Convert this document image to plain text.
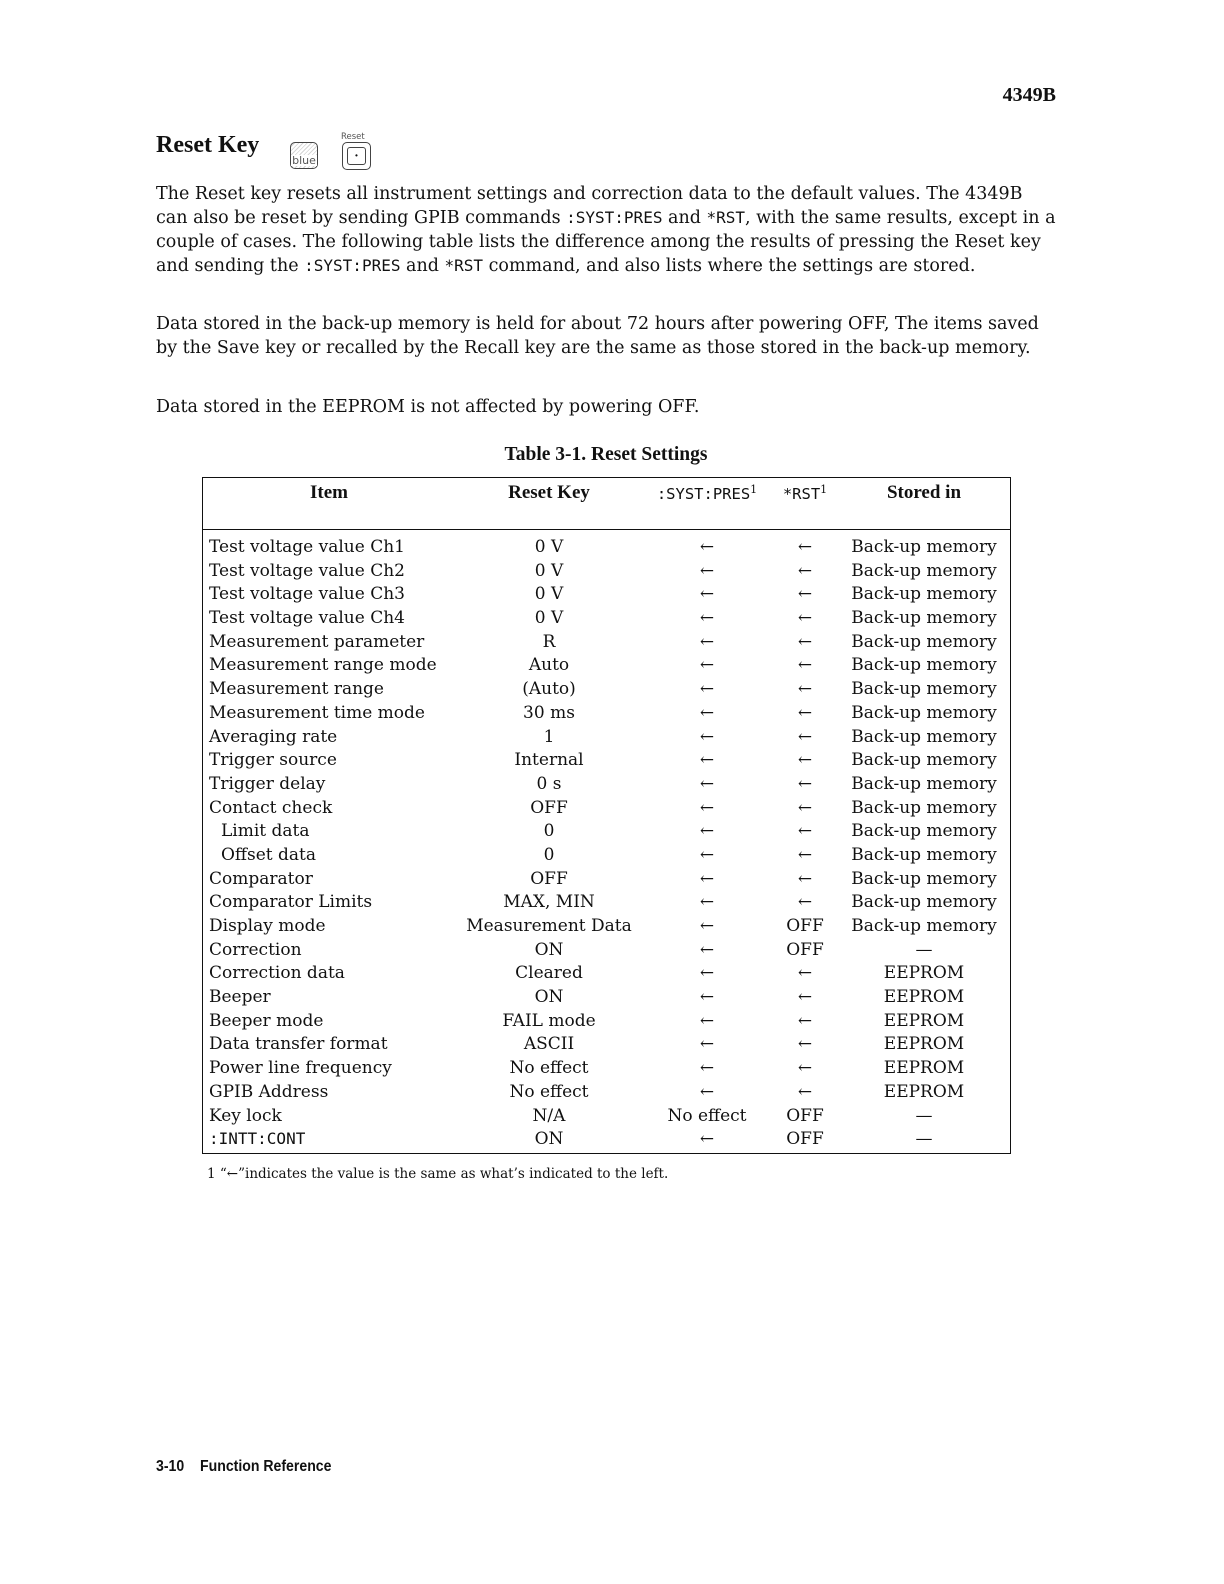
4349B
Reset Key
blue
Reset
·

The Reset key resets all instrument settings and correction data to the default values. The 4349B can also be reset by sending GPIB commands :SYST:PRES and *RST, with the same results, except in a couple of cases. The following table lists the difference among the results of pressing the Reset key and sending the :SYST:PRES and *RST command, and also lists where the settings are stored.

Data stored in the back-up memory is held for about 72 hours after powering OFF, The items saved by the Save key or recalled by the Recall key are the same as those stored in the back-up memory.

Data stored in the EEPROM is not affected by powering OFF.

Table 3-1. Reset Settings
Item	Reset Key	:SYST:PRES$^1$	*RST$^1$	Stored in
Test voltage value Ch1	0 V	←	←	Back-up memory
Test voltage value Ch2	0 V	←	←	Back-up memory
Test voltage value Ch3	0 V	←	←	Back-up memory
Test voltage value Ch4	0 V	←	←	Back-up memory
Measurement parameter	R	←	←	Back-up memory
Measurement range mode	Auto	←	←	Back-up memory
Measurement range	(Auto)	←	←	Back-up memory
Measurement time mode	30 ms	←	←	Back-up memory
Averaging rate	1	←	←	Back-up memory
Trigger source	Internal	←	←	Back-up memory
Trigger delay	0 s	←	←	Back-up memory
Contact check	OFF	←	←	Back-up memory
Limit data	0	←	←	Back-up memory
Offset data	0	←	←	Back-up memory
Comparator	OFF	←	←	Back-up memory
Comparator Limits	MAX, MIN	←	←	Back-up memory
Display mode	Measurement Data	←	OFF	Back-up memory
Correction	ON	←	OFF	—
Correction data	Cleared	←	←	EEPROM
Beeper	ON	←	←	EEPROM
Beeper mode	FAIL mode	←	←	EEPROM
Data transfer format	ASCII	←	←	EEPROM
Power line frequency	No effect	←	←	EEPROM
GPIB Address	No effect	←	←	EEPROM
Key lock	N/A	No effect	OFF	—
:INTT:CONT	ON	←	OFF	—
1 “←”indicates the value is the same as what’s indicated to the left.
3-10 Function Reference
